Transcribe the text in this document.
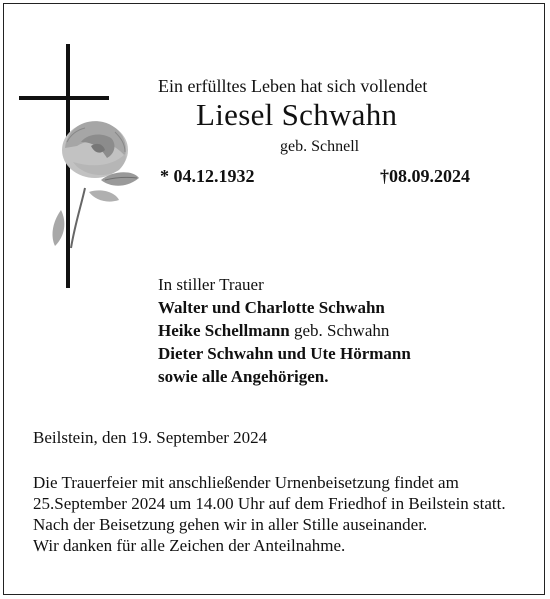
Ein erfülltes Leben hat sich vollendet
Liesel Schwahn
geb. Schnell
* 04.12.1932	†08.09.2024
In stiller Trauer
Walter und Charlotte Schwahn
Heike Schellmann geb. Schwahn
Dieter Schwahn und Ute Hörmann
sowie alle Angehörigen.
Beilstein, den 19. September 2024
Die Trauerfeier mit anschließender Urnenbeisetzung findet am
25.September 2024 um 14.00 Uhr auf dem Friedhof in Beilstein statt.
Nach der Beisetzung gehen wir in aller Stille auseinander.
Wir danken für alle Zeichen der Anteilnahme.
